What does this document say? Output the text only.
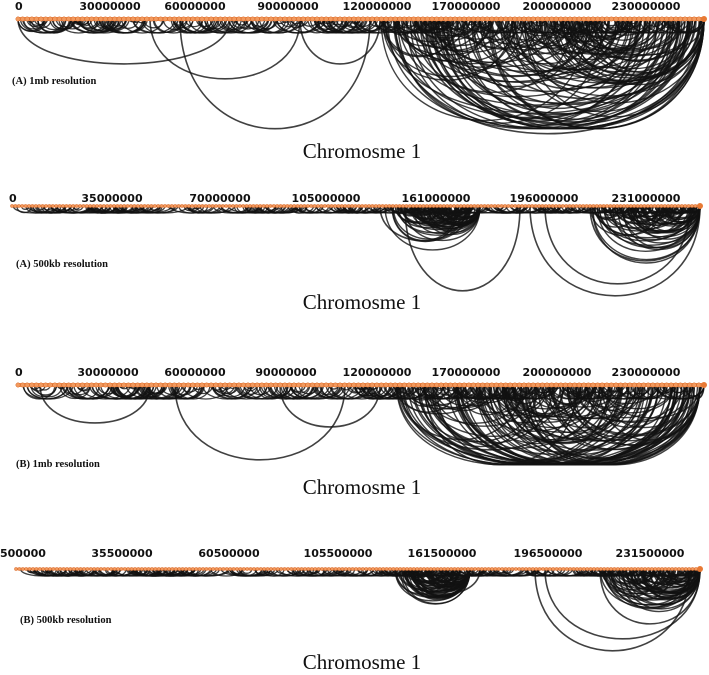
0	30000000 60000000	90000000 120000000 170000000 200000000 230000000
(A) 1mb resolution
Chromosme 1
0	35000000	70000000	105000000	161000000	196000000	231000000
(A) 500kb resolution
Chromosme 1
0	30000000 60000000	90000000 120000000 170000000 200000000 230000000
(B) 1mb resolution
Chromosme 1
500000	35500000	60500000	105500000	161500000	196500000	231500000
(B) 500kb resolution
Chromosme 1
